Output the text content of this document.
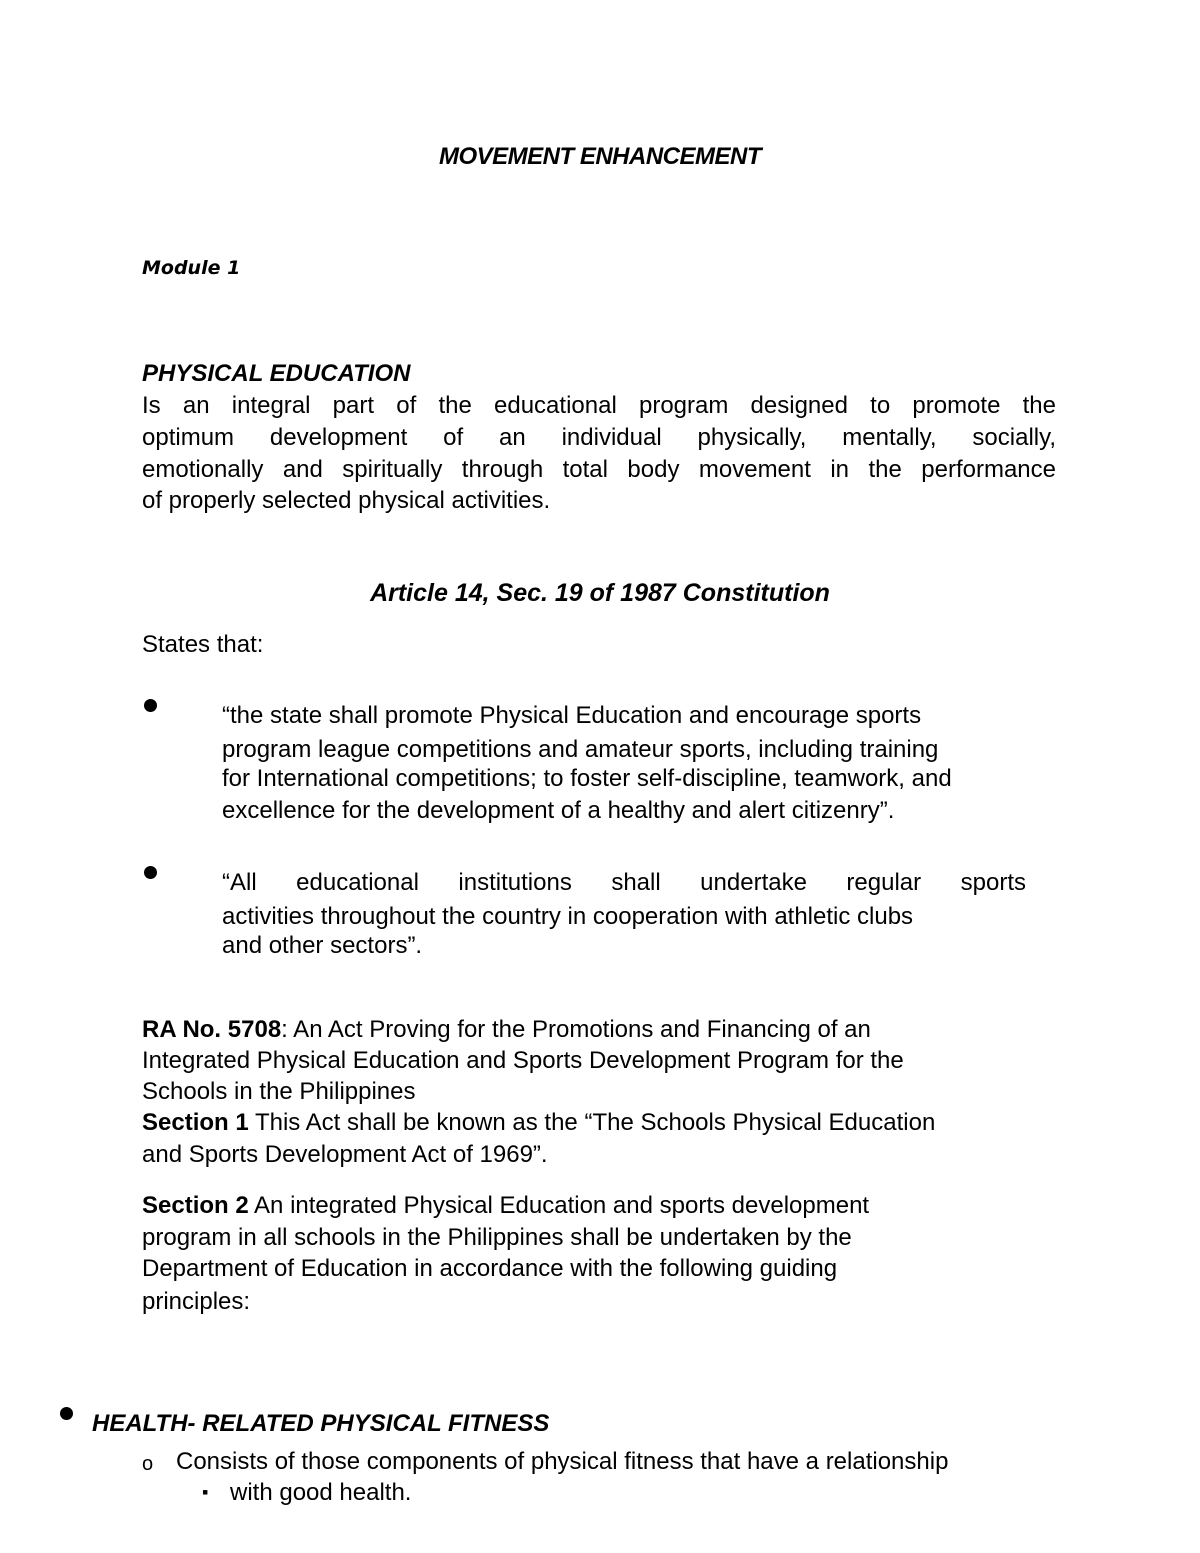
MOVEMENT ENHANCEMENT
Module 1
PHYSICAL EDUCATION
Is an integral part of the educational program designed to promote the
optimum development of an individual physically, mentally, socially,
emotionally and spiritually through total body movement in the performance
of properly selected physical activities.
Article 14, Sec. 19 of 1987 Constitution
States that:
“the state shall promote Physical Education and encourage sports
program league competitions and amateur sports, including training
for International competitions; to foster self-discipline, teamwork, and
excellence for the development of a healthy and alert citizenry”.
“All educational institutions shall undertake regular sports
activities throughout the country in cooperation with athletic clubs
and other sectors”.
RA No. 5708: An Act Proving for the Promotions and Financing of an
Integrated Physical Education and Sports Development Program for the
Schools in the Philippines
Section 1 This Act shall be known as the “The Schools Physical Education
and Sports Development Act of 1969”.
Section 2 An integrated Physical Education and sports development
program in all schools in the Philippines shall be undertaken by the
Department of Education in accordance with the following guiding
principles:
HEALTH- RELATED PHYSICAL FITNESS
o Consists of those components of physical fitness that have a relationship
▪ with good health.
